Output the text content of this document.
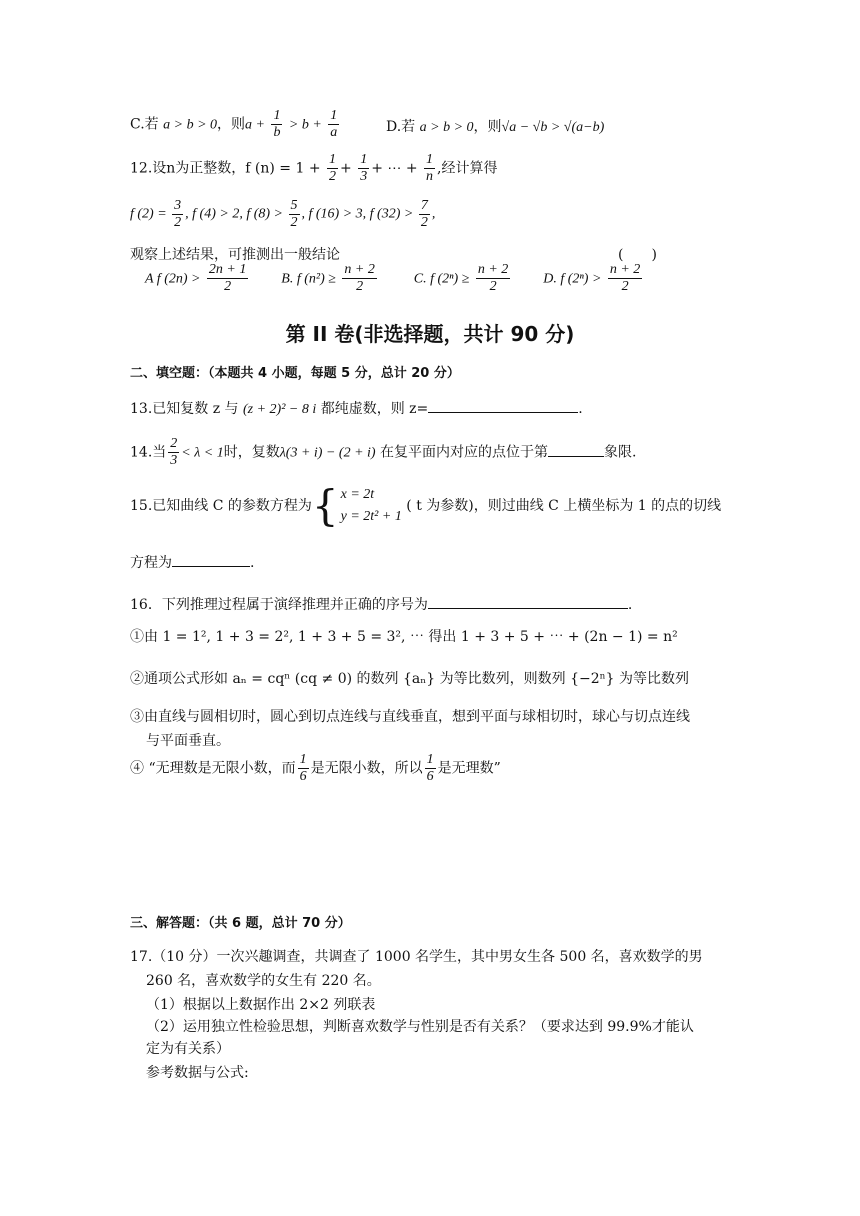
C.若 a > b > 0，则$a + \frac{1}{b} > b + \frac{1}{a}$	D.若 a > b > 0，则√a − √b > √(a−b)
12.设n为正整数，f $(n) = 1 + \frac{1}{2} + \frac{1}{3}$ + ⋯ + $\frac{1}{n}$ ,经计算得
f $(2) = \frac{3}{2}$ , f (4) > 2, f $(8) > \frac{5}{2}$ , f (16) > 3, f $(32) > \frac{7}{2}$ ,
观察上述结果，可推测出一般结论	(　　)
A f $(2n) > \frac{2n + 1}{2} B$. f $(n^2) \ge \frac{n + 2}{2}$	C. f $(2^n) \ge \frac{n + 2}{2} D$. f $(2^n) > \frac{n + 2}{2}$
第 II 卷(非选择题，共计 90 分)
二、填空题：（本题共 4 小题，每题 5 分，总计 20 分）
13.已知复数 z 与 (z + 2)² − 8 i 都纯虚数，则 z=	.
14.当 $\frac{2}{3} < \lambda < 1$时，复数λ(3 + i) − (2 + i) 在复平面内对应的点位于第	象限.
15.已知曲线 C 的参数方程为{ x = 2t
y = 2t² + 1
( t 为参数)，则过曲线 C 上横坐标为 1 的点的切线
方程为	.
16．下列推理过程属于演绎推理并正确的序号为	.
①由 1 = 1², 1 + 3 = 2², 1 + 3 + 5 = 3², ⋯ 得出 1 + 3 + 5 + ⋯ + (2n − 1) = n²
②通项公式形如 aₙ = cqⁿ (cq ≠ 0) 的数列 {aₙ} 为等比数列，则数列 {−2ⁿ} 为等比数列
③由直线与圆相切时，圆心到切点连线与直线垂直，想到平面与球相切时，球心与切点连线
与平面垂直。
④ “无理数是无限小数，而 $\frac{1}{6}$ 是无限小数，所以 $\frac{1}{6}$ 是无理数”
三、解答题：（共 6 题，总计 70 分）
17.（10 分）一次兴趣调查，共调查了 1000 名学生，其中男女生各 500 名，喜欢数学的男
260 名，喜欢数学的女生有 220 名。
（1）根据以上数据作出 2×2 列联表
（2）运用独立性检验思想，判断喜欢数学与性别是否有关系？（要求达到 99.9%才能认
定为有关系）
参考数据与公式:
